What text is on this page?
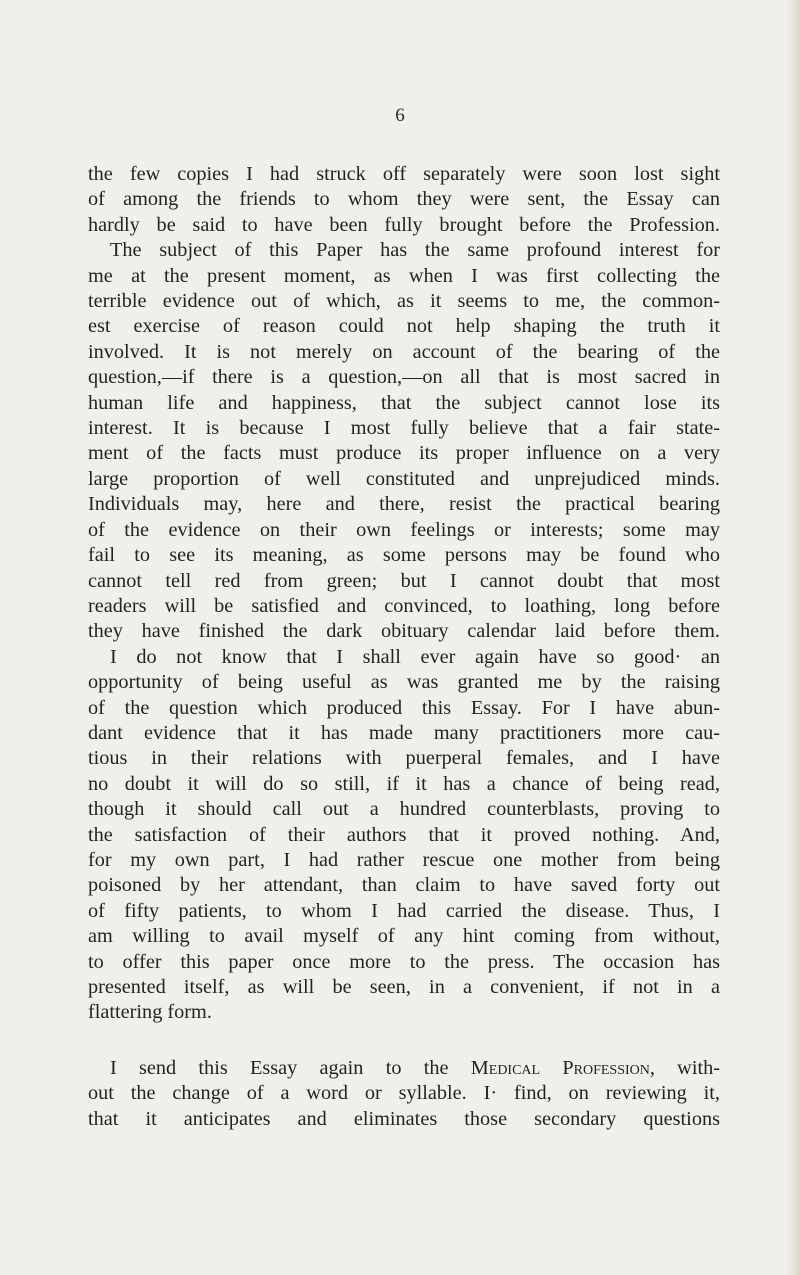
6
the few copies I had struck off separately were soon lost sight
of among the friends to whom they were sent, the Essay can
hardly be said to have been fully brought before the Profession.
The subject of this Paper has the same profound interest for
me at the present moment, as when I was first collecting the
terrible evidence out of which, as it seems to me, the common-
est exercise of reason could not help shaping the truth it
involved. It is not merely on account of the bearing of the
question,—if there is a question,—on all that is most sacred in
human life and happiness, that the subject cannot lose its
interest. It is because I most fully believe that a fair state-
ment of the facts must produce its proper influence on a very
large proportion of well constituted and unprejudiced minds.
Individuals may, here and there, resist the practical bearing
of the evidence on their own feelings or interests; some may
fail to see its meaning, as some persons may be found who
cannot tell red from green; but I cannot doubt that most
readers will be satisfied and convinced, to loathing, long before
they have finished the dark obituary calendar laid before them.
I do not know that I shall ever again have so good· an
opportunity of being useful as was granted me by the raising
of the question which produced this Essay. For I have abun-
dant evidence that it has made many practitioners more cau-
tious in their relations with puerperal females, and I have
no doubt it will do so still, if it has a chance of being read,
though it should call out a hundred counterblasts, proving to
the satisfaction of their authors that it proved nothing. And,
for my own part, I had rather rescue one mother from being
poisoned by her attendant, than claim to have saved forty out
of fifty patients, to whom I had carried the disease. Thus, I
am willing to avail myself of any hint coming from without,
to offer this paper once more to the press. The occasion has
presented itself, as will be seen, in a convenient, if not in a
flattering form.
I send this Essay again to the Medical Profession, with-
out the change of a word or syllable. I· find, on reviewing it,
that it anticipates and eliminates those secondary questions
